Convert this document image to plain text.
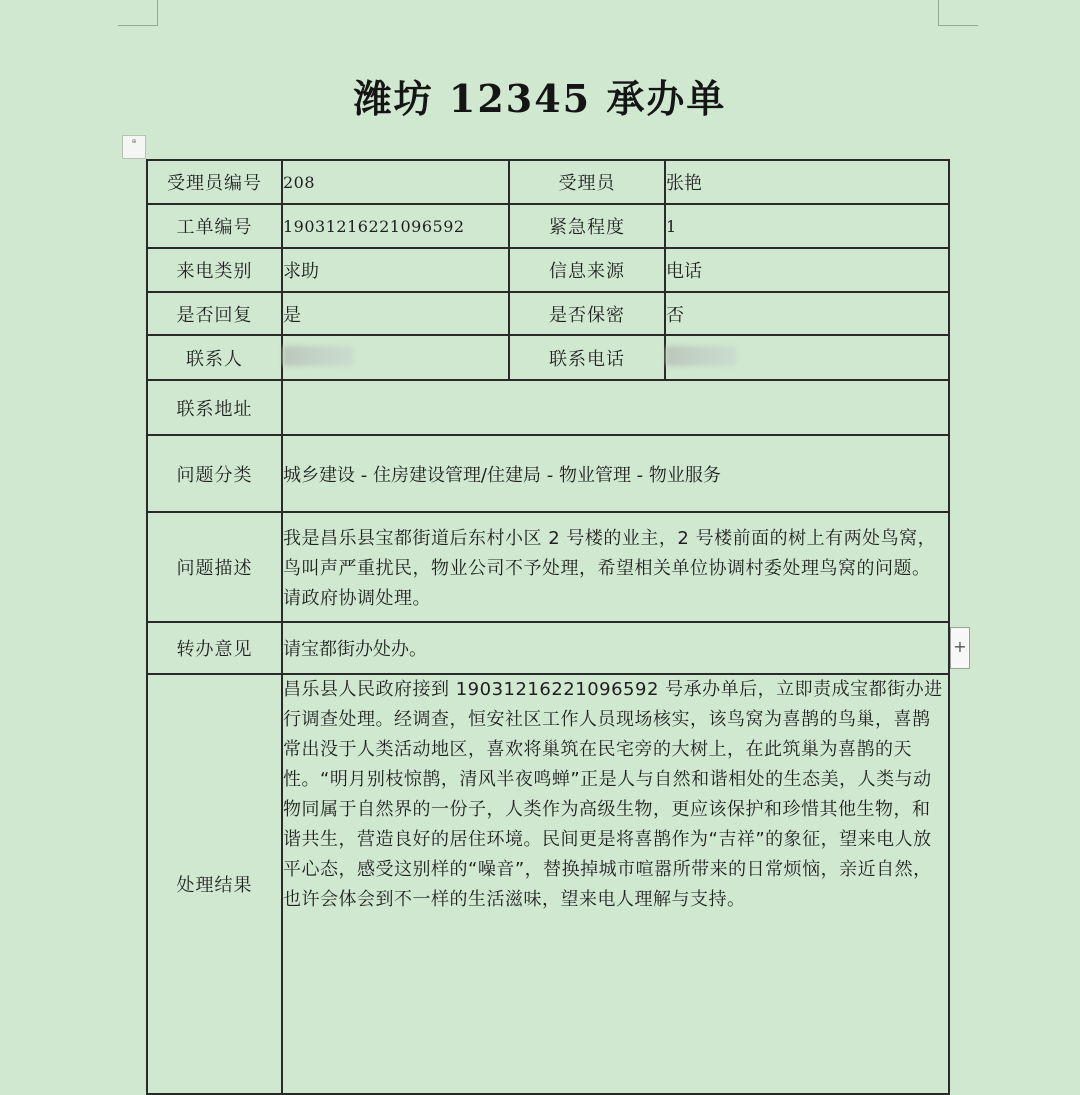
潍坊 12345 承办单
⊕
受理员编号	208	受理员	张艳
工单编号	19031216221096592	紧急程度	1
来电类别	求助	信息来源	电话
是否回复	是	是否保密	否
联系人		联系电话	
联系地址			
问题分类	城乡建设 - 住房建设管理/住建局 - 物业管理 - 物业服务		
问题描述	我是昌乐县宝都街道后东村小区 2 号楼的业主，2 号楼前面的树上有两处鸟窝，鸟叫声严重扰民，物业公司不予处理，希望相关单位协调村委处理鸟窝的问题。请政府协调处理。		
转办意见	请宝都街办处办。		
处理结果	昌乐县人民政府接到 19031216221096592 号承办单后，立即责成宝都街办进行调查处理。经调查，恒安社区工作人员现场核实，该鸟窝为喜鹊的鸟巢，喜鹊常出没于人类活动地区，喜欢将巢筑在民宅旁的大树上，在此筑巢为喜鹊的天性。“明月别枝惊鹊，清风半夜鸣蝉”正是人与自然和谐相处的生态美，人类与动物同属于自然界的一份子，人类作为高级生物，更应该保护和珍惜其他生物，和谐共生，营造良好的居住环境。民间更是将喜鹊作为“吉祥”的象征，望来电人放平心态，感受这别样的“噪音”，替换掉城市喧嚣所带来的日常烦恼，亲近自然，也许会体会到不一样的生活滋味，望来电人理解与支持。		
+
